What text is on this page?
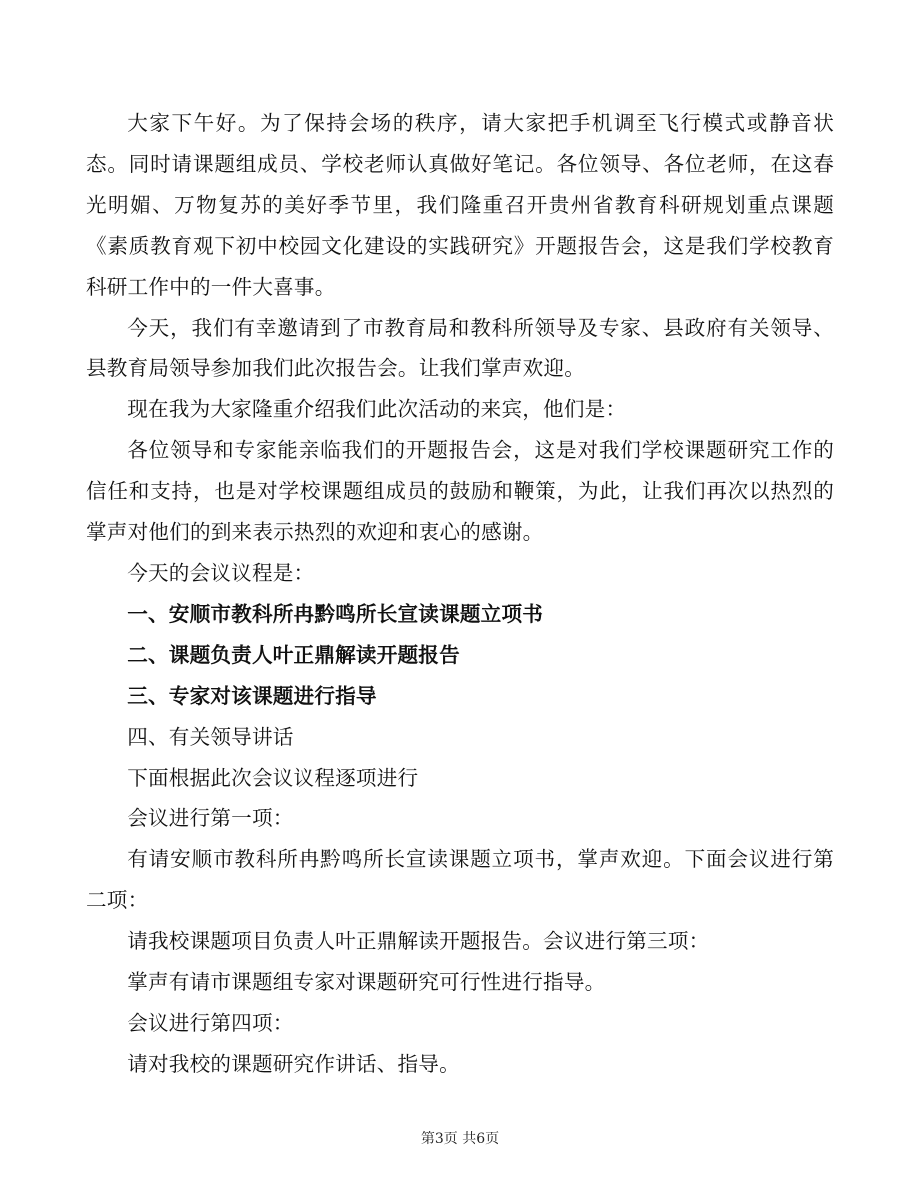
大家下午好。为了保持会场的秩序，请大家把手机调至飞行模式或静音状态。同时请课题组成员、学校老师认真做好笔记。各位领导、各位老师，在这春光明媚、万物复苏的美好季节里，我们隆重召开贵州省教育科研规划重点课题《素质教育观下初中校园文化建设的实践研究》开题报告会，这是我们学校教育科研工作中的一件大喜事。

今天，我们有幸邀请到了市教育局和教科所领导及专家、县政府有关领导、县教育局领导参加我们此次报告会。让我们掌声欢迎。

现在我为大家隆重介绍我们此次活动的来宾，他们是：

各位领导和专家能亲临我们的开题报告会，这是对我们学校课题研究工作的信任和支持，也是对学校课题组成员的鼓励和鞭策，为此，让我们再次以热烈的掌声对他们的到来表示热烈的欢迎和衷心的感谢。

今天的会议议程是：

一、安顺市教科所冉黔鸣所长宣读课题立项书

二、课题负责人叶正鼎解读开题报告

三、专家对该课题进行指导

四、有关领导讲话

下面根据此次会议议程逐项进行

会议进行第一项：

有请安顺市教科所冉黔鸣所长宣读课题立项书，掌声欢迎。下面会议进行第二项：

请我校课题项目负责人叶正鼎解读开题报告。会议进行第三项：

掌声有请市课题组专家对课题研究可行性进行指导。

会议进行第四项：

请对我校的课题研究作讲话、指导。

第3页 共6页
